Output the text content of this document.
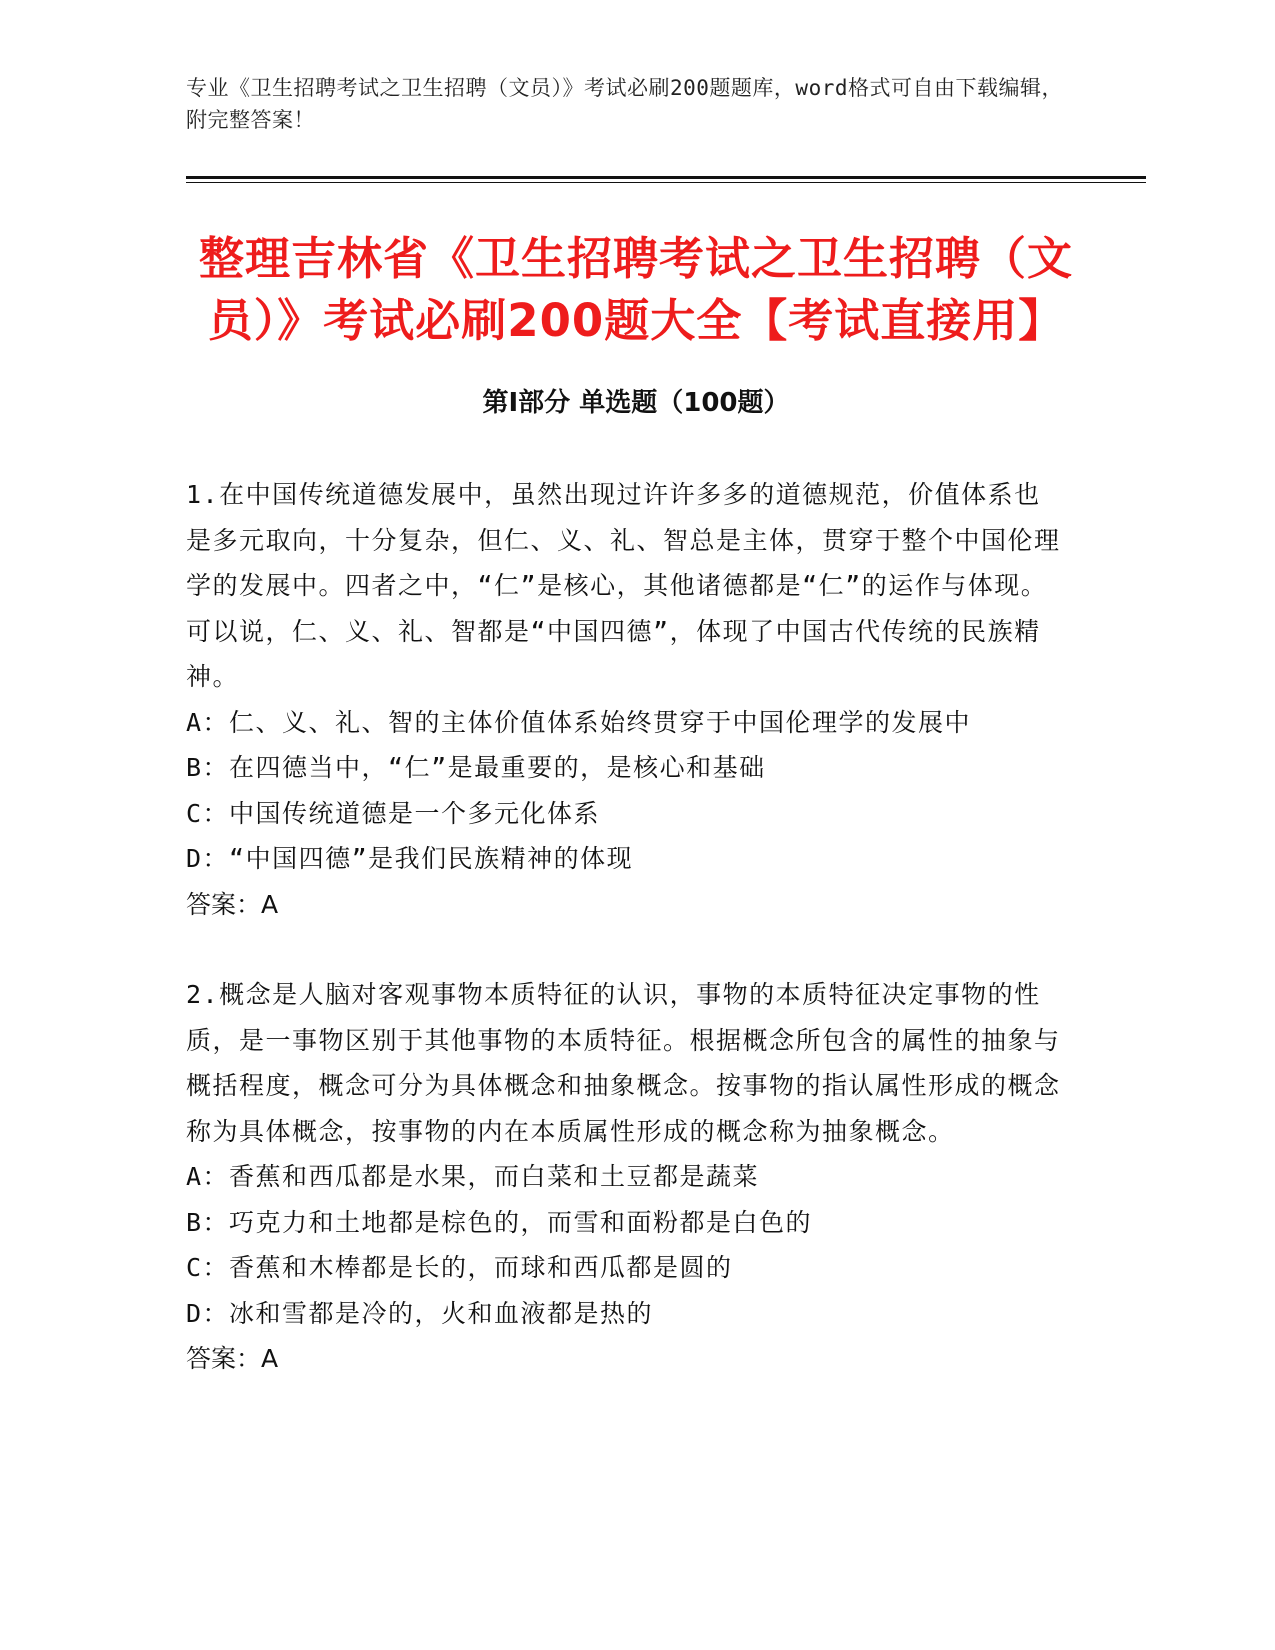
专业《卫生招聘考试之卫生招聘（文员）》考试必刷200题题库，word格式可自由下载编辑，附完整答案！
整理吉林省《卫生招聘考试之卫生招聘（文员）》考试必刷200题大全【考试直接用】
第Ⅰ部分 单选题（100题）

1.在中国传统道德发展中，虽然出现过许许多多的道德规范，价值体系也是多元取向，十分复杂，但仁、义、礼、智总是主体，贯穿于整个中国伦理学的发展中。四者之中，“仁”是核心，其他诸德都是“仁”的运作与体现。可以说，仁、义、礼、智都是“中国四德”，体现了中国古代传统的民族精神。

A：仁、义、礼、智的主体价值体系始终贯穿于中国伦理学的发展中

B：在四德当中，“仁”是最重要的，是核心和基础

C：中国传统道德是一个多元化体系

D：“中国四德”是我们民族精神的体现

答案：A

2.概念是人脑对客观事物本质特征的认识，事物的本质特征决定事物的性质，是一事物区别于其他事物的本质特征。根据概念所包含的属性的抽象与概括程度，概念可分为具体概念和抽象概念。按事物的指认属性形成的概念称为具体概念，按事物的内在本质属性形成的概念称为抽象概念。

A：香蕉和西瓜都是水果，而白菜和土豆都是蔬菜

B：巧克力和土地都是棕色的，而雪和面粉都是白色的

C：香蕉和木棒都是长的，而球和西瓜都是圆的

D：冰和雪都是冷的，火和血液都是热的

答案：A
